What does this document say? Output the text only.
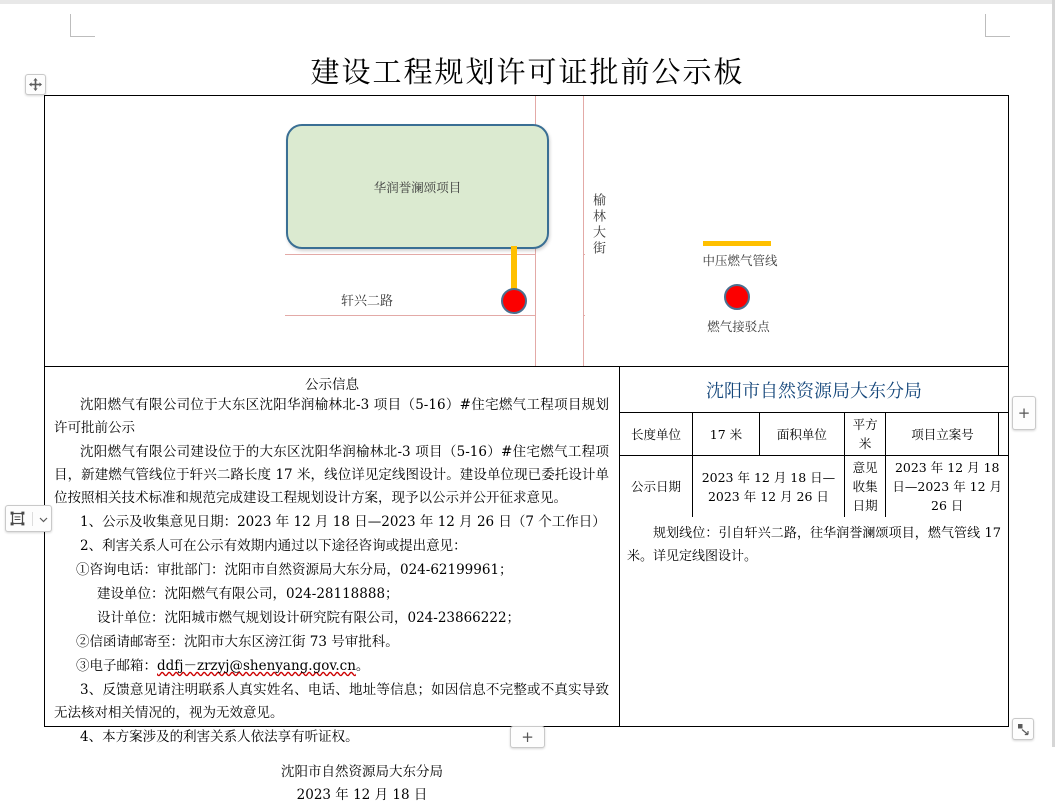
建设工程规划许可证批前公示板
华润誉澜颂项目
轩兴二路
榆林大街
中压燃气管线
燃气接驳点
公示信息
沈阳燃气有限公司位于大东区沈阳华润榆林北-3 项目（5-16）#住宅燃气工程项目规划许可批前公示
沈阳燃气有限公司建设位于的大东区沈阳华润榆林北-3 项目（5-16）#住宅燃气工程项目，新建燃气管线位于轩兴二路长度 17 米，线位详见定线图设计。建设单位现已委托设计单位按照相关技术标准和规范完成建设工程规划设计方案，现予以公示并公开征求意见。
1、公示及收集意见日期：2023 年 12 月 18 日—2023 年 12 月 26 日（7 个工作日）
2、利害关系人可在公示有效期内通过以下途径咨询或提出意见：
①咨询电话：审批部门：沈阳市自然资源局大东分局，024-62199961；
建设单位：沈阳燃气有限公司，024-28118888；
设计单位：沈阳城市燃气规划设计研究院有限公司，024-23866222；
②信函请邮寄至：沈阳市大东区滂江街 73 号审批科。
③电子邮箱：ddfj－zrzyj@shenyang.gov.cn。
3、反馈意见请注明联系人真实姓名、电话、地址等信息；如因信息不完整或不真实导致无法核对相关情况的，视为无效意见。
4、本方案涉及的利害关系人依法享有听证权。
沈阳市自然资源局大东分局
2023 年 12 月 18 日
沈阳市自然资源局大东分局
长度单位	17 米	面积单位	平方米	项目立案号	
公示日期	2023 年 12 月 18 日—2023 年 12 月 26 日		意见收集日期	2023 年 12 月 18 日—2023 年 12 月 26 日	
规划线位：引自轩兴二路，往华润誉澜颂项目，燃气管线 17 米。详见定线图设计。
+
+
